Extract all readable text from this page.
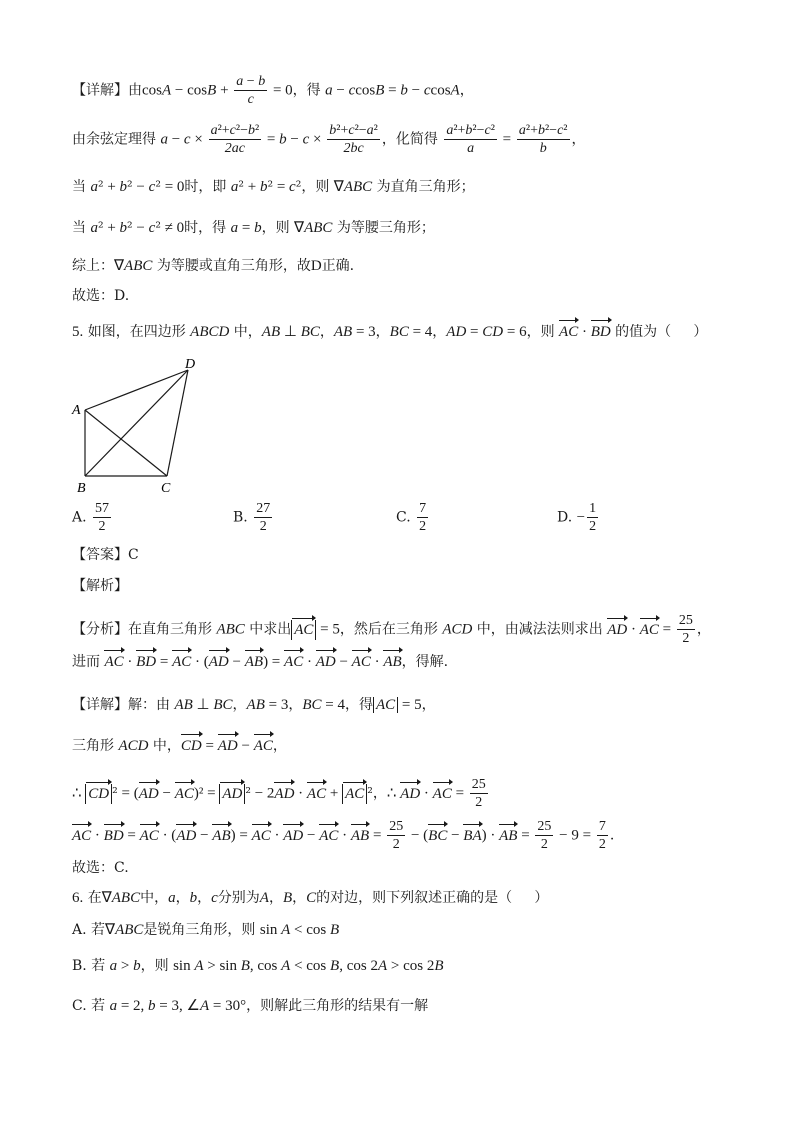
【详解】由$\cos A - \cos B + \frac{a - b}{c} = 0$，得 a − ccosB = b − ccosA，
由余弦定理得 $a - c \times \frac{\text{a²+c²−b²}}{2ac} = b - c \times \frac{\text{b²+c²−a²}}{2bc}$ ，化简得 $\frac{\text{a²+b²−c²}}{a} = \frac{\text{a²+b²−c²}}{b}$ ，
当 a² + b² − c² = 0时，即 a² + b² = c²，则 ∇ABC 为直角三角形；
当 a² + b² − c² ≠ 0时，得 a = b，则 ∇ABC 为等腰三角形；
综上：∇ABC 为等腰或直角三角形，故D正确.
故选：D.
5. 如图，在四边形 ABCD 中，AB ⊥ BC，AB = 3，BC = 4，AD = CD = 6，则 AC · BD 的值为（     ）
A
B	C
D
A. $\frac{57}{2}$	B. $\frac{27}{2}$	C. $\frac{7}{2}$	D. − $\frac{1}{2}$
【答案】C
【解析】
【分析】在直角三角形 ABC 中求出 AC = 5，然后在三角形 ACD 中，由减法法则求出 AD · AC = $\frac{25}{2}$ ，
进而 AC · BD = AC · (AD − AB) = AC · AD − AC · AB，得解.
【详解】解：由 AB ⊥ BC，AB = 3，BC = 4，得 AC = 5，
三角形 ACD 中，CD = AD − AC，
∴ CD ² = (AD − AC)² = AD ² − 2AD · AC + AC ²，∴ AD · AC = $\frac{25}{2}$
AC · BD = AC · (AD − AB) = AC · AD − AC · AB = $\frac{25}{2} - (BC - BA)$ · AB = $\frac{25}{2} - 9 = \frac{7}{2}$ .
故选：C.
6. 在∇ABC中，a，b，c分别为A，B，C的对边，则下列叙述正确的是（     ）
A. 若∇ABC是锐角三角形，则 sin A < cos B
B. 若 a > b，则 sin A > sin B, cos A < cos B, cos 2A > cos 2B
C. 若 a = 2, b = 3, ∠A = 30°，则解此三角形的结果有一解
